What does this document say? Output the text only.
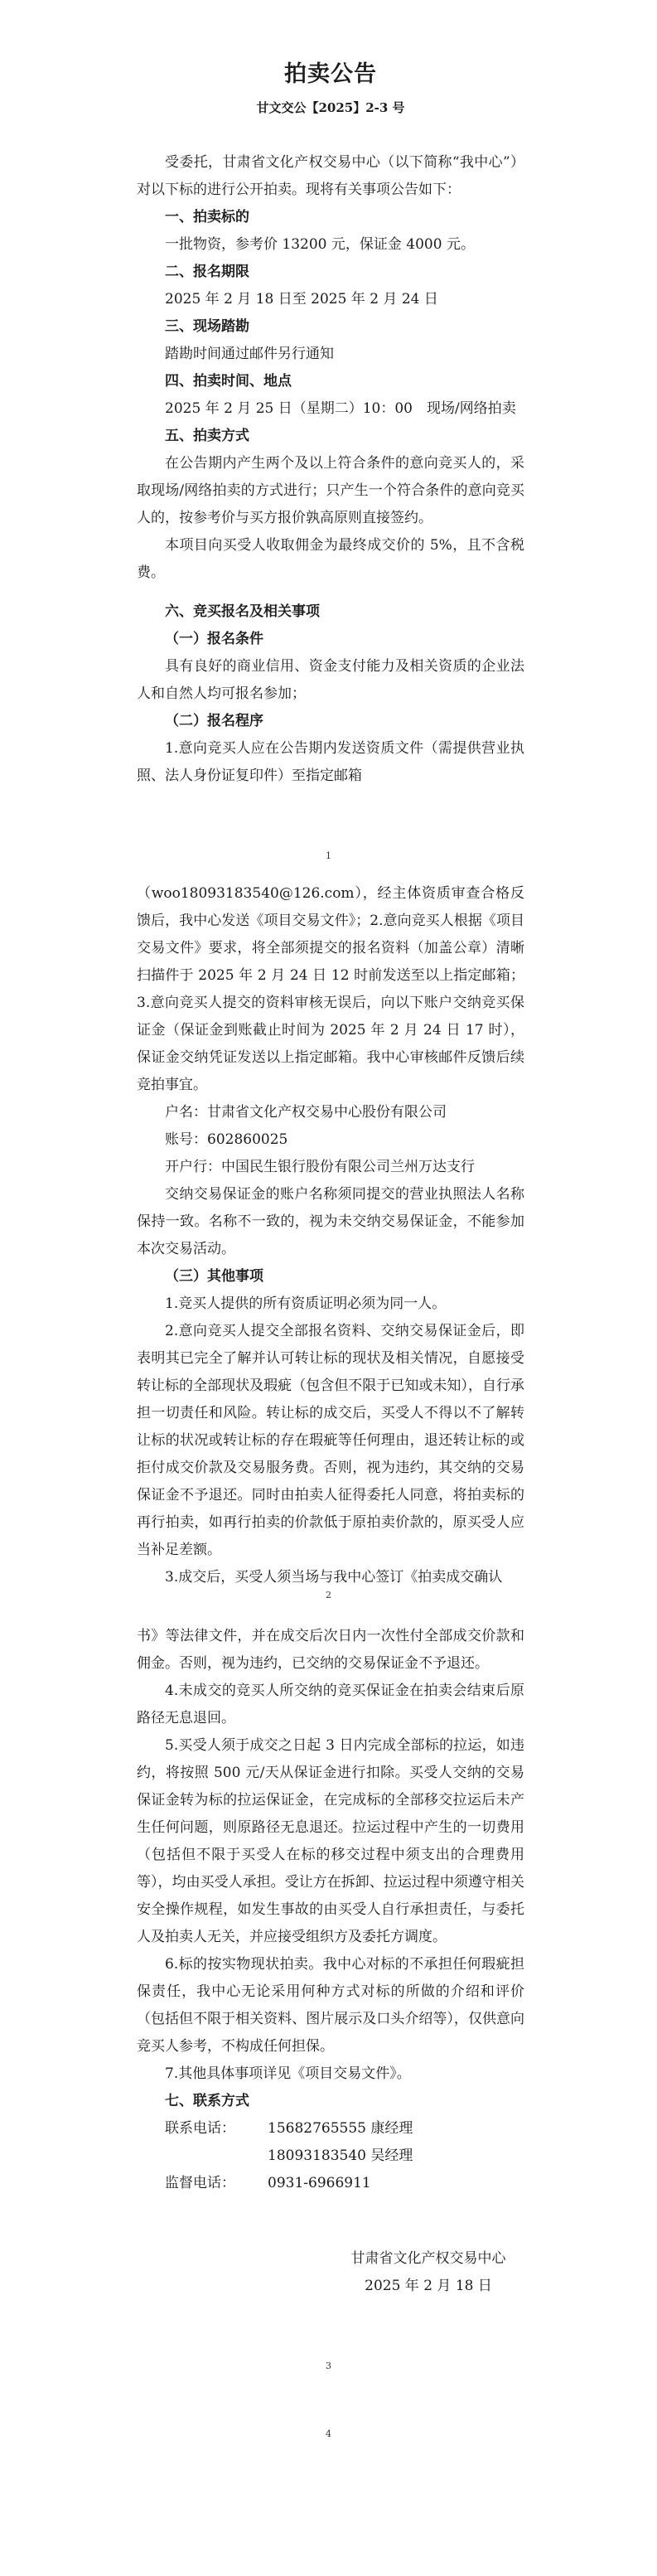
拍卖公告
甘文交公【2025】2-3 号

受委托，甘肃省文化产权交易中心（以下简称“我中心”）对以下标的进行公开拍卖。现将有关事项公告如下：

一、拍卖标的

一批物资，参考价 13200 元，保证金 4000 元。

二、报名期限

2025 年 2 月 18 日至 2025 年 2 月 24 日

三、现场踏勘

踏勘时间通过邮件另行通知

四、拍卖时间、地点

2025 年 2 月 25 日（星期二）10：00　现场/网络拍卖

五、拍卖方式

在公告期内产生两个及以上符合条件的意向竞买人的，采取现场/网络拍卖的方式进行；只产生一个符合条件的意向竞买人的，按参考价与买方报价孰高原则直接签约。

本项目向买受人收取佣金为最终成交价的 5%，且不含税费。

六、竞买报名及相关事项

（一）报名条件

具有良好的商业信用、资金支付能力及相关资质的企业法人和自然人均可报名参加；

（二）报名程序

1.意向竞买人应在公告期内发送资质文件（需提供营业执照、法人身份证复印件）至指定邮箱

1

（woo18093183540@126.com），经主体资质审查合格反馈后，我中心发送《项目交易文件》；2.意向竞买人根据《项目交易文件》要求，将全部须提交的报名资料（加盖公章）清晰扫描件于 2025 年 2 月 24 日 12 时前发送至以上指定邮箱；3.意向竞买人提交的资料审核无误后，向以下账户交纳竞买保证金（保证金到账截止时间为 2025 年 2 月 24 日 17 时），保证金交纳凭证发送以上指定邮箱。我中心审核邮件反馈后续竞拍事宜。

户名：甘肃省文化产权交易中心股份有限公司

账号：602860025

开户行：中国民生银行股份有限公司兰州万达支行

交纳交易保证金的账户名称须同提交的营业执照法人名称保持一致。名称不一致的，视为未交纳交易保证金，不能参加本次交易活动。

（三）其他事项

1.竞买人提供的所有资质证明必须为同一人。

2.意向竞买人提交全部报名资料、交纳交易保证金后，即表明其已完全了解并认可转让标的现状及相关情况，自愿接受转让标的全部现状及瑕疵（包含但不限于已知或未知），自行承担一切责任和风险。转让标的成交后，买受人不得以不了解转让标的状况或转让标的存在瑕疵等任何理由，退还转让标的或拒付成交价款及交易服务费。否则，视为违约，其交纳的交易保证金不予退还。同时由拍卖人征得委托人同意，将拍卖标的再行拍卖，如再行拍卖的价款低于原拍卖价款的，原买受人应当补足差额。

3.成交后，买受人须当场与我中心签订《拍卖成交确认

2

书》等法律文件，并在成交后次日内一次性付全部成交价款和佣金。否则，视为违约，已交纳的交易保证金不予退还。

4.未成交的竞买人所交纳的竞买保证金在拍卖会结束后原路径无息退回。

5.买受人须于成交之日起 3 日内完成全部标的拉运，如违约，将按照 500 元/天从保证金进行扣除。买受人交纳的交易保证金转为标的拉运保证金，在完成标的全部移交拉运后未产生任何问题，则原路径无息退还。拉运过程中产生的一切费用（包括但不限于买受人在标的移交过程中须支出的合理费用等），均由买受人承担。受让方在拆卸、拉运过程中须遵守相关安全操作规程，如发生事故的由买受人自行承担责任，与委托人及拍卖人无关，并应接受组织方及委托方调度。

6.标的按实物现状拍卖。我中心对标的不承担任何瑕疵担保责任，我中心无论采用何种方式对标的所做的介绍和评价（包括但不限于相关资料、图片展示及口头介绍等），仅供意向竞买人参考，不构成任何担保。

7.其他具体事项详见《项目交易文件》。

七、联系方式

联系电话：	15682765555 康经理
18093183540 吴经理
监督电话：	0931-6966911
甘肃省文化产权交易中心
2025 年 2 月 18 日
3
4
